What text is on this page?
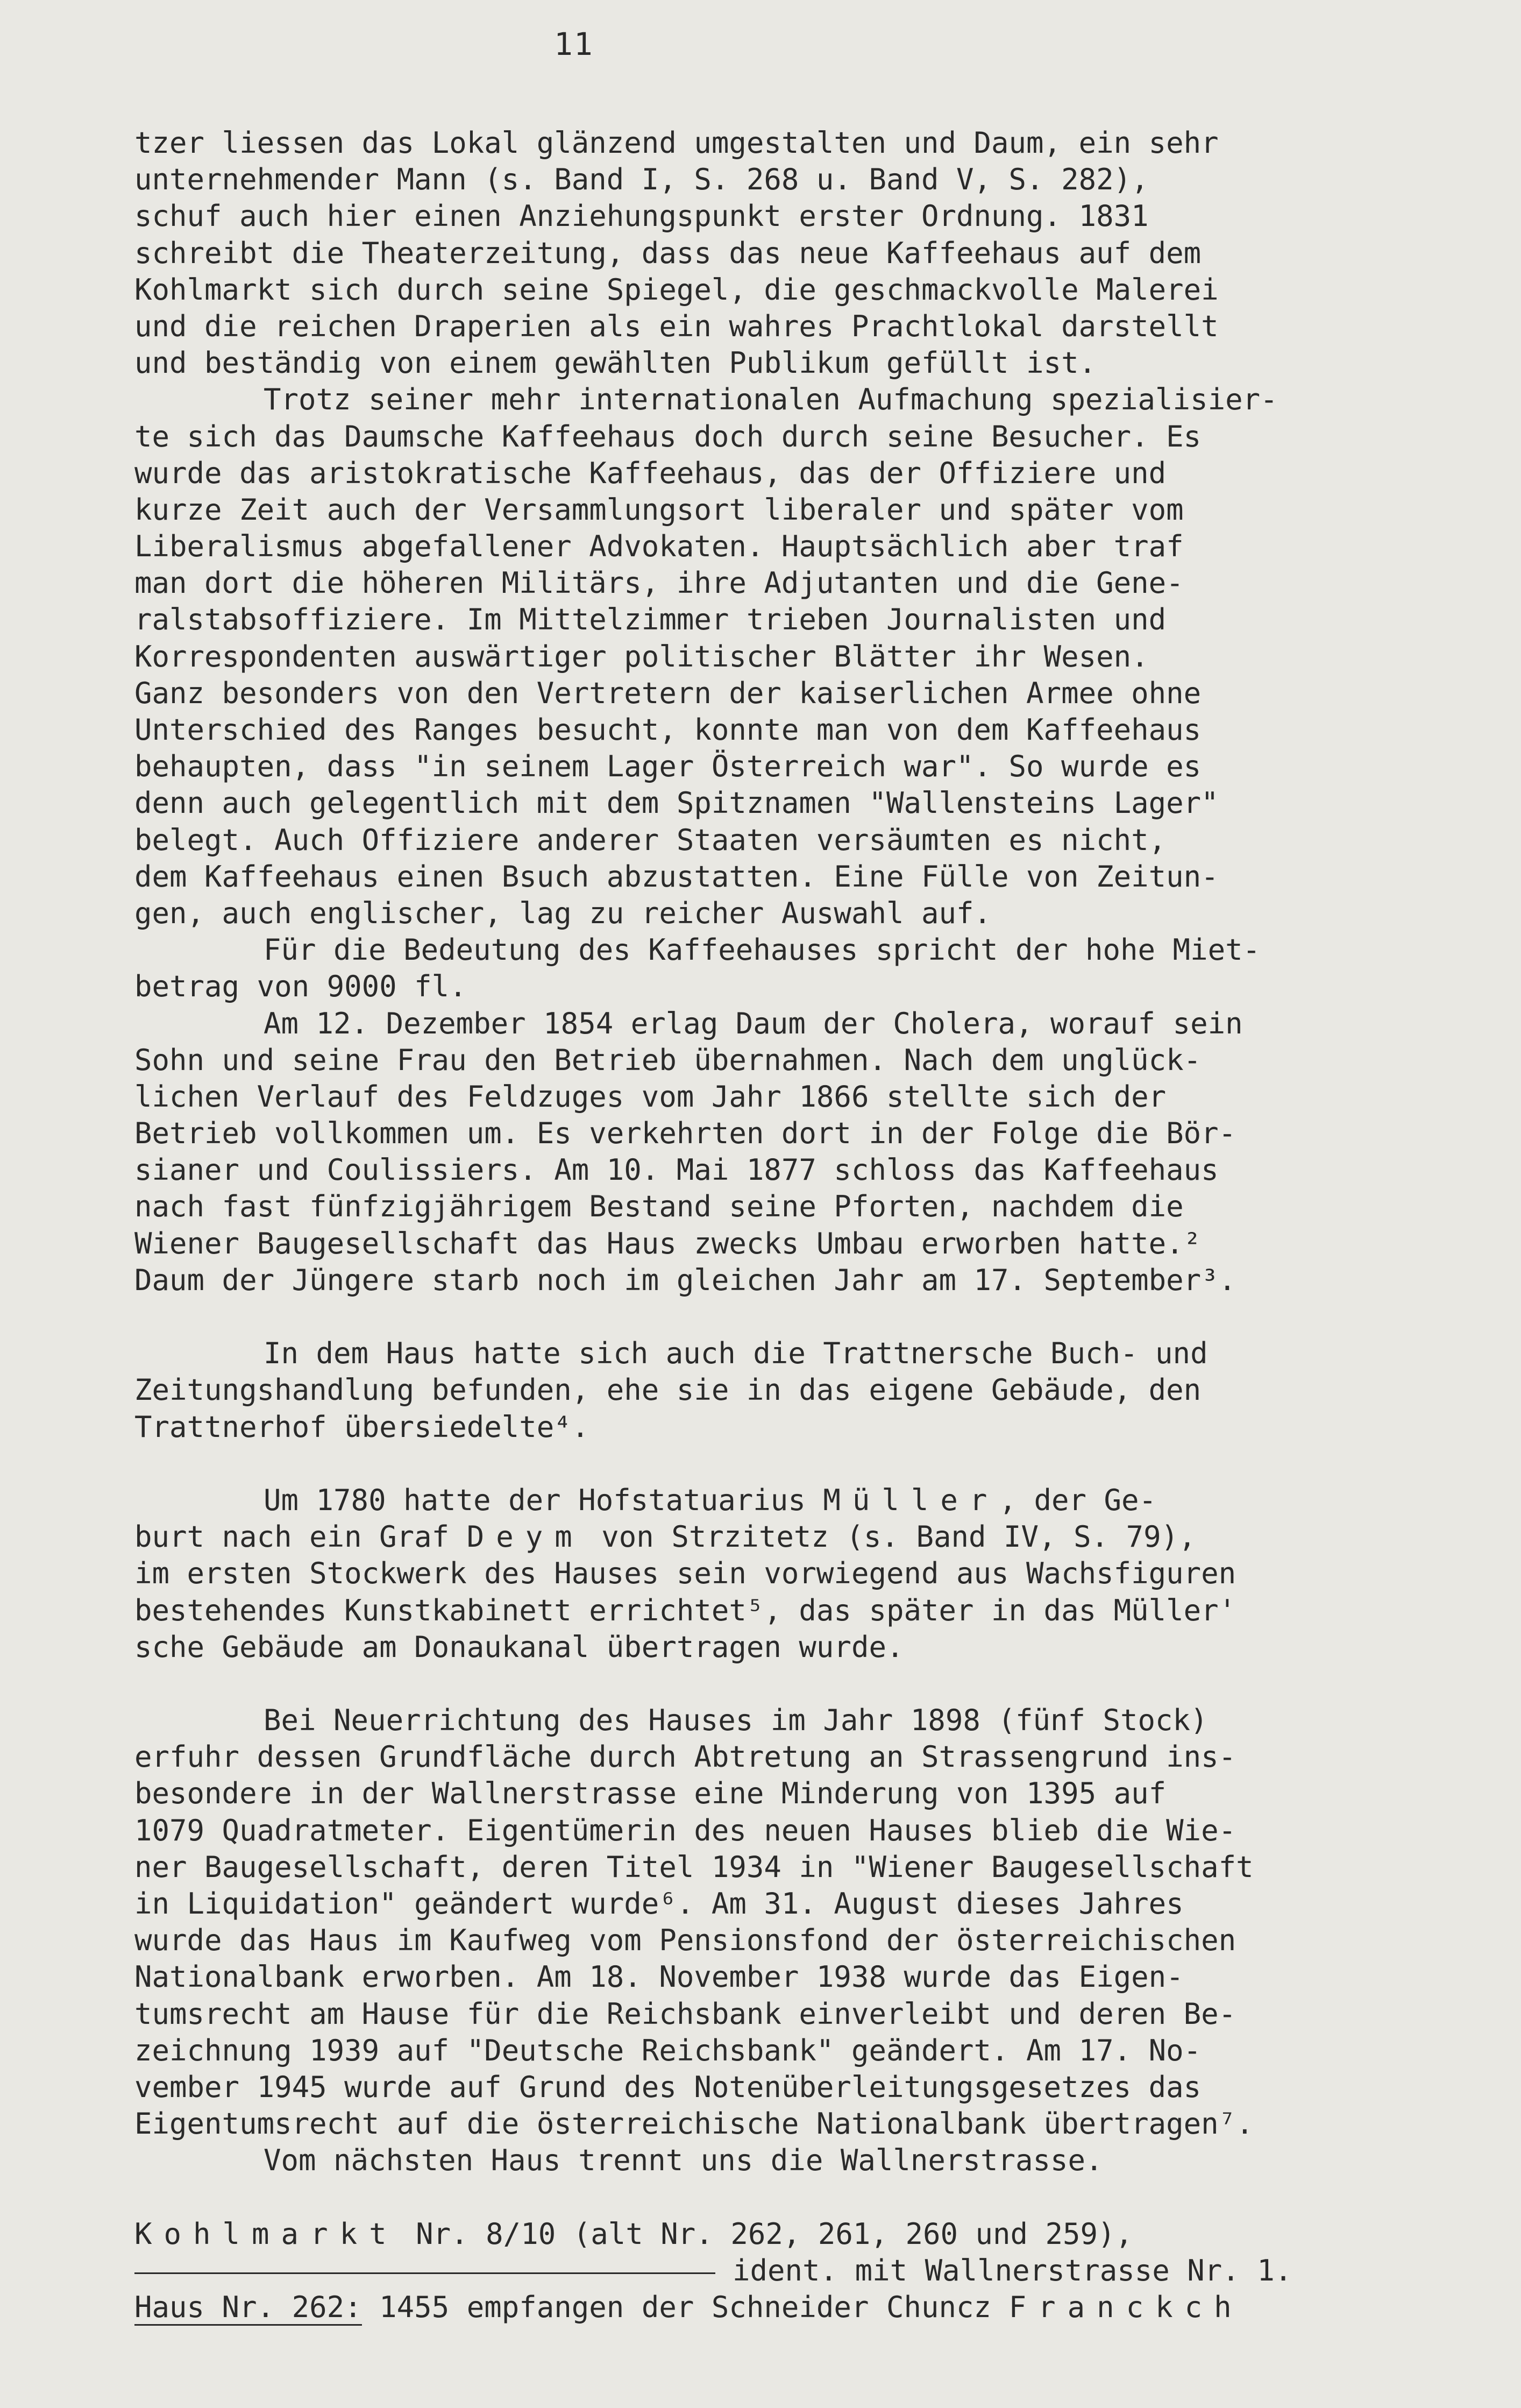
11
tzer liessen das Lokal glänzend umgestalten und Daum, ein sehr
unternehmender Mann (s. Band I, S. 268 u. Band V, S. 282),
schuf auch hier einen Anziehungspunkt erster Ordnung. 1831
schreibt die Theaterzeitung, dass das neue Kaffeehaus auf dem
Kohlmarkt sich durch seine Spiegel, die geschmackvolle Malerei
und die reichen Draperien als ein wahres Prachtlokal darstellt
und beständig von einem gewählten Publikum gefüllt ist.
Trotz seiner mehr internationalen Aufmachung spezialisier-
te sich das Daumsche Kaffeehaus doch durch seine Besucher. Es
wurde das aristokratische Kaffeehaus, das der Offiziere und
kurze Zeit auch der Versammlungsort liberaler und später vom
Liberalismus abgefallener Advokaten. Hauptsächlich aber traf
man dort die höheren Militärs, ihre Adjutanten und die Gene-
ralstabsoffiziere. Im Mittelzimmer trieben Journalisten und
Korrespondenten auswärtiger politischer Blätter ihr Wesen.
Ganz besonders von den Vertretern der kaiserlichen Armee ohne
Unterschied des Ranges besucht, konnte man von dem Kaffeehaus
behaupten, dass "in seinem Lager Österreich war". So wurde es
denn auch gelegentlich mit dem Spitznamen "Wallensteins Lager"
belegt. Auch Offiziere anderer Staaten versäumten es nicht,
dem Kaffeehaus einen Bsuch abzustatten. Eine Fülle von Zeitun-
gen, auch englischer, lag zu reicher Auswahl auf.
Für die Bedeutung des Kaffeehauses spricht der hohe Miet-
betrag von 9000 fl.
Am 12. Dezember 1854 erlag Daum der Cholera, worauf sein
Sohn und seine Frau den Betrieb übernahmen. Nach dem unglück-
lichen Verlauf des Feldzuges vom Jahr 1866 stellte sich der
Betrieb vollkommen um. Es verkehrten dort in der Folge die Bör-
sianer und Coulissiers. Am 10. Mai 1877 schloss das Kaffeehaus
nach fast fünfzigjährigem Bestand seine Pforten, nachdem die
Wiener Baugesellschaft das Haus zwecks Umbau erworben hatte.²
Daum der Jüngere starb noch im gleichen Jahr am 17. September³.
In dem Haus hatte sich auch die Trattnersche Buch- und
Zeitungshandlung befunden, ehe sie in das eigene Gebäude, den
Trattnerhof übersiedelte⁴.
Um 1780 hatte der Hofstatuarius Müller, der Ge-
burt nach ein Graf Deym von Strzitetz (s. Band IV, S. 79),
im ersten Stockwerk des Hauses sein vorwiegend aus Wachsfiguren
bestehendes Kunstkabinett errichtet⁵, das später in das Müller'
sche Gebäude am Donaukanal übertragen wurde.
Bei Neuerrichtung des Hauses im Jahr 1898 (fünf Stock)
erfuhr dessen Grundfläche durch Abtretung an Strassengrund ins-
besondere in der Wallnerstrasse eine Minderung von 1395 auf
1079 Quadratmeter. Eigentümerin des neuen Hauses blieb die Wie-
ner Baugesellschaft, deren Titel 1934 in "Wiener Baugesellschaft
in Liquidation" geändert wurde⁶. Am 31. August dieses Jahres
wurde das Haus im Kaufweg vom Pensionsfond der österreichischen
Nationalbank erworben. Am 18. November 1938 wurde das Eigen-
tumsrecht am Hause für die Reichsbank einverleibt und deren Be-
zeichnung 1939 auf "Deutsche Reichsbank" geändert. Am 17. No-
vember 1945 wurde auf Grund des Notenüberleitungsgesetzes das
Eigentumsrecht auf die österreichische Nationalbank übertragen⁷.
Vom nächsten Haus trennt uns die Wallnerstrasse.
Kohlmarkt Nr. 8/10 (alt Nr. 262, 261, 260 und 259),
ident. mit Wallnerstrasse Nr. 1.
Haus Nr. 262: 1455 empfangen der Schneider Chuncz Franckch
